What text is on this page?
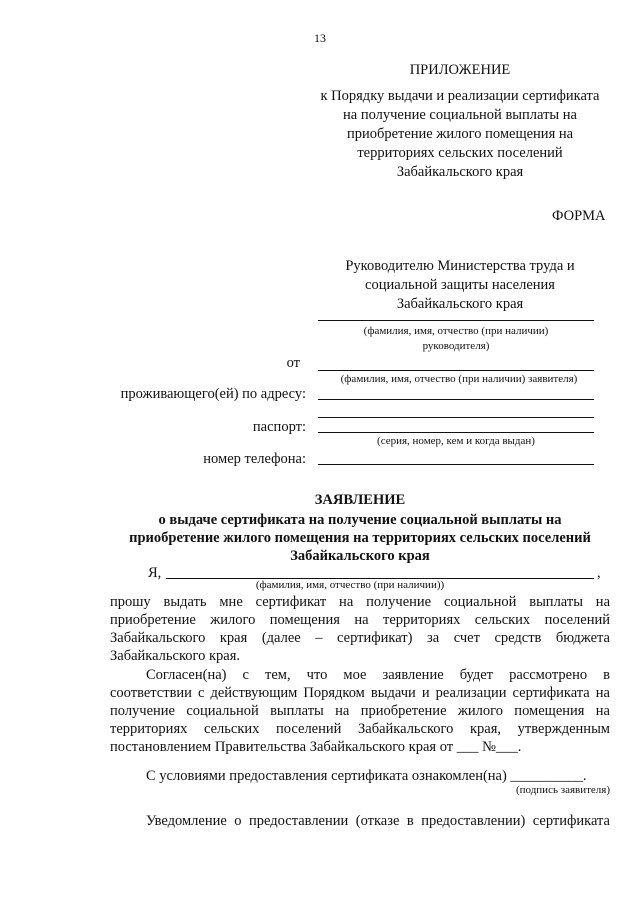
13
ПРИЛОЖЕНИЕ
к Порядку выдачи и реализации сертификата
на получение социальной выплаты на
приобретение жилого помещения на
территориях сельских поселений
Забайкальского края
ФОРМА
Руководителю Министерства труда и
социальной защиты населения
Забайкальского края
(фамилия, имя, отчество (при наличии)
руководителя)
от
(фамилия, имя, отчество (при наличии) заявителя)
проживающего(ей) по адресу:
паспорт:
(серия, номер, кем и когда выдан)
номер телефона:
ЗАЯВЛЕНИЕ
о выдаче сертификата на получение социальной выплаты на
приобретение жилого помещения на территориях сельских поселений
Забайкальского края
Я,	,
(фамилия, имя, отчество (при наличии))
прошу выдать мне сертификат на получение социальной выплаты на
приобретение жилого помещения на территориях сельских поселений
Забайкальского края (далее – сертификат) за счет средств бюджета
Забайкальского края.
Согласен(на) с тем, что мое заявление будет рассмотрено в
соответствии с действующим Порядком выдачи и реализации сертификата на
получение социальной выплаты на приобретение жилого помещения на
территориях сельских поселений Забайкальского края, утвержденным
постановлением Правительства Забайкальского края от ___ №___.
С условиями предоставления сертификата ознакомлен(на) __________.
(подпись заявителя)
Уведомление о предоставлении (отказе в предоставлении) сертификата
